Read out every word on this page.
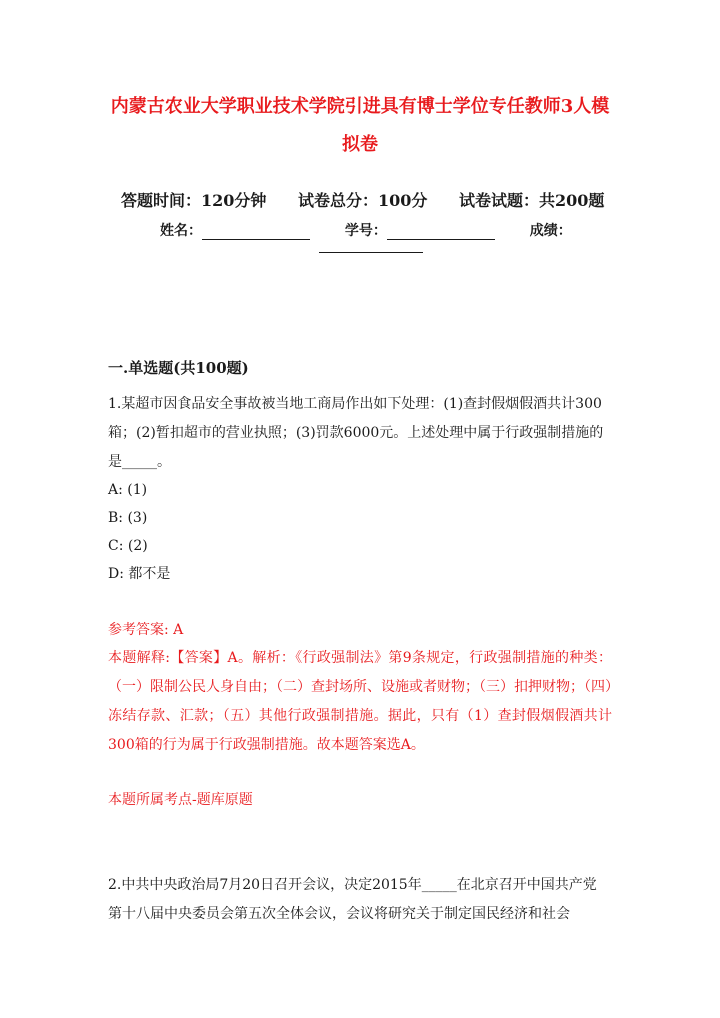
内蒙古农业大学职业技术学院引进具有博士学位专任教师3人模拟卷
答题时间：120分钟 试卷总分：100分 试卷试题：共200题
姓名：	学号：	成绩：
一.单选题(共100题)
1.某超市因食品安全事故被当地工商局作出如下处理：(1)查封假烟假酒共计300箱；(2)暂扣超市的营业执照；(3)罚款6000元。上述处理中属于行政强制措施的是_____。
A: (1)
B: (3)
C: (2)
D: 都不是
参考答案: A
本题解释:【答案】A。解析：《行政强制法》第9条规定，行政强制措施的种类：（一）限制公民人身自由；（二）查封场所、设施或者财物；（三）扣押财物；（四）冻结存款、汇款；（五）其他行政强制措施。据此，只有（1）查封假烟假酒共计300箱的行为属于行政强制措施。故本题答案选A。
本题所属考点-题库原题
2.中共中央政治局7月20日召开会议，决定2015年_____在北京召开中国共产党第十八届中央委员会第五次全体会议，会议将研究关于制定国民经济和社会
